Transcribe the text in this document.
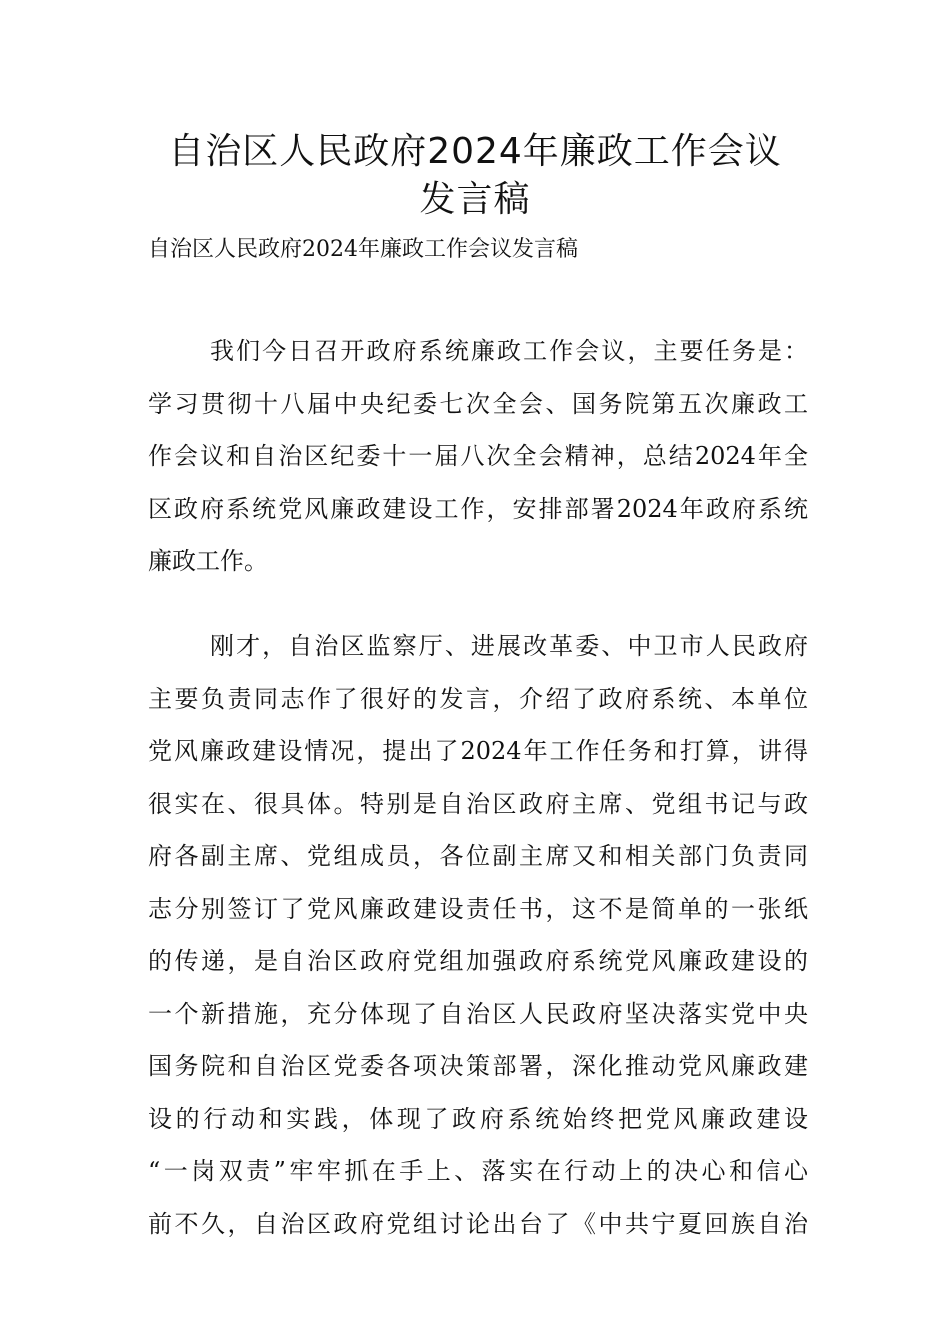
自治区人民政府2024年廉政工作会议
发言稿

自治区人民政府2024年廉政工作会议发言稿

我们今日召开政府系统廉政工作会议，主要任务是：
学习贯彻十八届中央纪委七次全会、国务院第五次廉政工
作会议和自治区纪委十一届八次全会精神，总结2024年全
区政府系统党风廉政建设工作，安排部署2024年政府系统
廉政工作。
刚才，自治区监察厅、进展改革委、中卫市人民政府
主要负责同志作了很好的发言，介绍了政府系统、本单位
党风廉政建设情况，提出了2024年工作任务和打算，讲得
很实在、很具体。特别是自治区政府主席、党组书记与政
府各副主席、党组成员，各位副主席又和相关部门负责同
志分别签订了党风廉政建设责任书，这不是简单的一张纸
的传递，是自治区政府党组加强政府系统党风廉政建设的
一个新措施，充分体现了自治区人民政府坚决落实党中央
国务院和自治区党委各项决策部署，深化推动党风廉政建
设的行动和实践，体现了政府系统始终把党风廉政建设
“一岗双责”牢牢抓在手上、落实在行动上的决心和信心
前不久，自治区政府党组讨论出台了《中共宁夏回族自治
